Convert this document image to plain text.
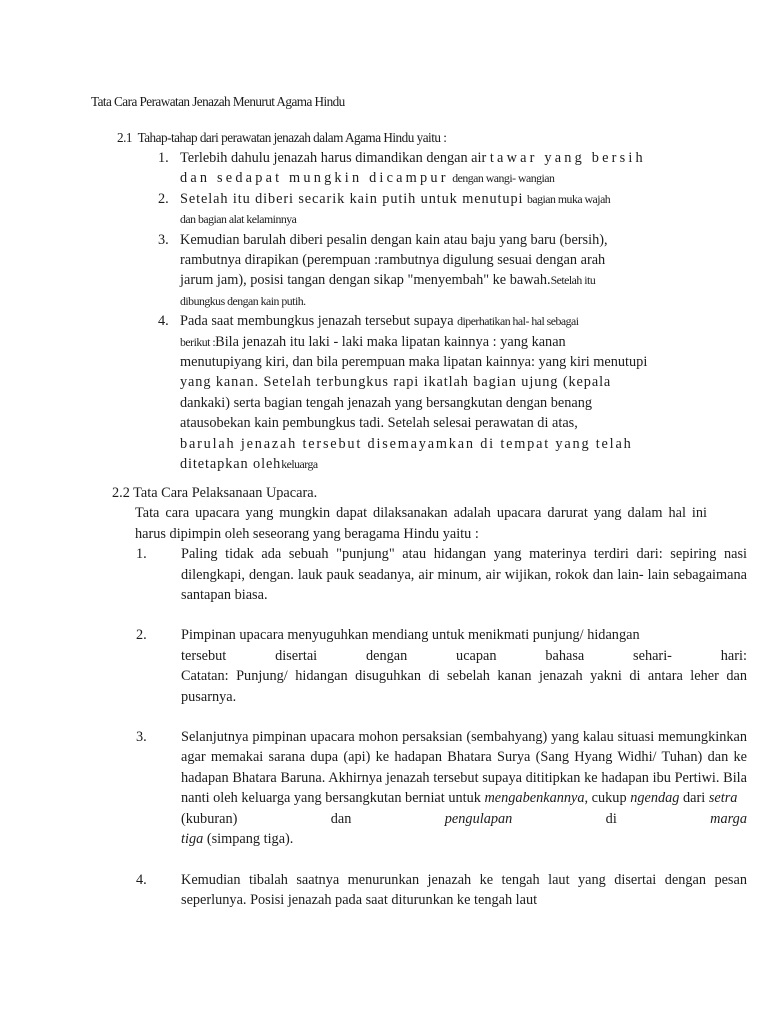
Tata Cara Perawatan Jenazah Menurut Agama Hindu
2.1 Tahap-tahap dari perawatan jenazah dalam Agama Hindu yaitu :
1. Terlebih dahulu jenazah harus dimandikan dengan air tawar yang bersih
dan sedapat mungkin dicampur dengan wangi- wangian
2. Setelah itu diberi secarik kain putih untuk menutupi bagian muka wajah
dan bagian alat kelaminnya
3. Kemudian barulah diberi pesalin dengan kain atau baju yang baru (bersih),
rambutnya dirapikan (perempuan :rambutnya digulung sesuai dengan arah
jarum jam), posisi tangan dengan sikap "menyembah" ke bawah.Setelah itu
dibungkus dengan kain putih.
4. Pada saat membungkus jenazah tersebut supaya diperhatikan hal- hal sebagai
berikut :Bila jenazah itu laki - laki maka lipatan kainnya : yang kanan
menutupiyang kiri, dan bila perempuan maka lipatan kainnya: yang kiri menutupi
yang kanan. Setelah terbungkus rapi ikatlah bagian ujung (kepala
dankaki) serta bagian tengah jenazah yang bersangkutan dengan benang
atausobekan kain pembungkus tadi. Setelah selesai perawatan di atas,
barulah jenazah tersebut disemayamkan di tempat yang telah
ditetapkan olehkeluarga
2.2 Tata Cara Pelaksanaan Upacara.
Tata cara upacara yang mungkin dapat dilaksanakan adalah upacara darurat yang dalam hal ini harus dipimpin oleh seseorang yang beragama Hindu yaitu :
1. Paling tidak ada sebuah "punjung" atau hidangan yang materinya terdiri dari: sepiring nasi dilengkapi, dengan. lauk pauk seadanya, air minum, air wijikan, rokok dan lain- lain sebagaimana santapan biasa.
2. Pimpinan upacara menyuguhkan mendiang untuk menikmati punjung/ hidangan
tersebut	disertai	dengan	ucapan	bahasa	sehari-	hari:
Catatan: Punjung/ hidangan disuguhkan di sebelah kanan jenazah yakni di antara leher dan pusarnya.
3. Selanjutnya pimpinan upacara mohon persaksian (sembahyang) yang kalau situasi memungkinkan agar memakai sarana dupa (api) ke hadapan Bhatara Surya (Sang Hyang Widhi/ Tuhan) dan ke hadapan Bhatara Baruna. Akhirnya jenazah tersebut supaya dititipkan ke hadapan ibu Pertiwi. Bila nanti oleh keluarga yang bersangkutan berniat untuk mengabenkannya, cukup ngendag dari setra
(kuburan)	dan	pengulapan	di	marga
tiga (simpang tiga).
4. Kemudian tibalah saatnya menurunkan jenazah ke tengah laut yang disertai dengan pesan seperlunya. Posisi jenazah pada saat diturunkan ke tengah laut
